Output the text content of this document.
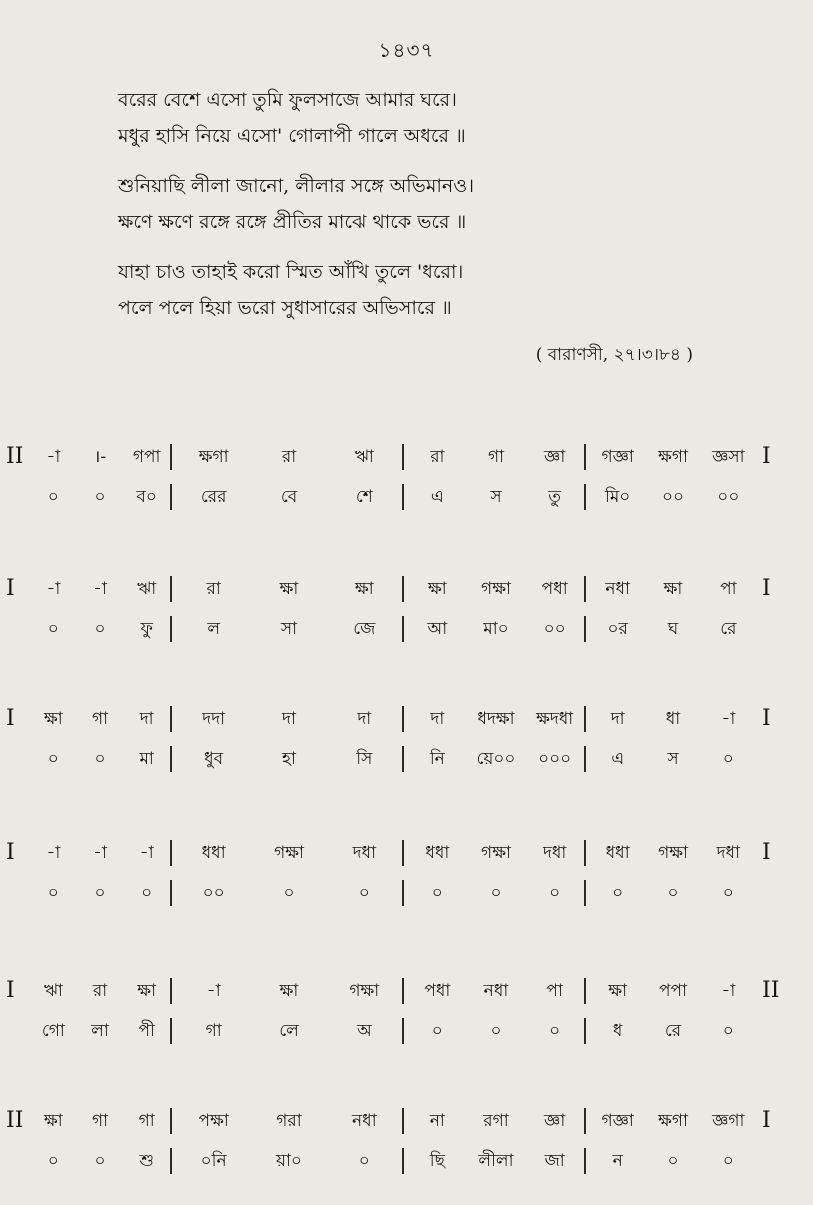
১৪৩৭
বরের বেশে এসো তুমি ফুলসাজে আমার ঘরে।
মধুর হাসি নিয়ে এসো' গোলাপী গালে অধরে ॥
শুনিয়াছি লীলা জানো, লীলার সঙ্গে অভিমানও।
ক্ষণে ক্ষণে রঙ্গে রঙ্গে প্রীতির মাঝে থাকে ভরে ॥
যাহা চাও তাহাই করো স্মিত আঁখি তুলে 'ধরো।
পলে পলে হিয়া ভরো সুধাসারের অভিসারে ॥
( বারাণসী, ২৭।৩।৮৪ )
II	I
-া	।-	গপা	ক্ষগা	রা	ঋা	রা	গা	জ্ঞা	গজ্ঞা	ক্ষগা	জ্ঞসা
০	০	ব০	রের	বে	শে	এ	স	তু	মি০	০০	০০
I	I
-া	-া	ঋা	রা	ক্ষা	ক্ষা	ক্ষা	গক্ষা	পধা	নধা	ক্ষা	পা
০	০	ফু	ল	সা	জে	আ	মা০	০০	০র	ঘ	রে
I	I
ক্ষা	গা	দা	দদা	দা	দা	দা	ধদক্ষা	ক্ষদধা	দা	ধা	-া
০	০	মা	ধুব	হা	সি	নি	য়ে০০	০০০	এ	স	০
I	I
-া	-া	-া	ধধা	গক্ষা	দধা	ধধা	গক্ষা	দধা	ধধা	গক্ষা	দধা
০	০	০	০০	০	০	০	০	০	০	০	০
I	II
ঋা	রা	ক্ষা	-া	ক্ষা	গক্ষা	পধা	নধা	পা	ক্ষা	পপা	-া
গো	লা	পী	গা	লে	অ	০	০	০	ধ	রে	০
II	I
ক্ষা	গা	গা	পক্ষা	গরা	নধা	না	রগা	জ্ঞা	গজ্ঞা	ক্ষগা	জ্ঞগা
০	০	শু	০নি	য়া০	০	ছি	লীলা	জা	ন	০	০
